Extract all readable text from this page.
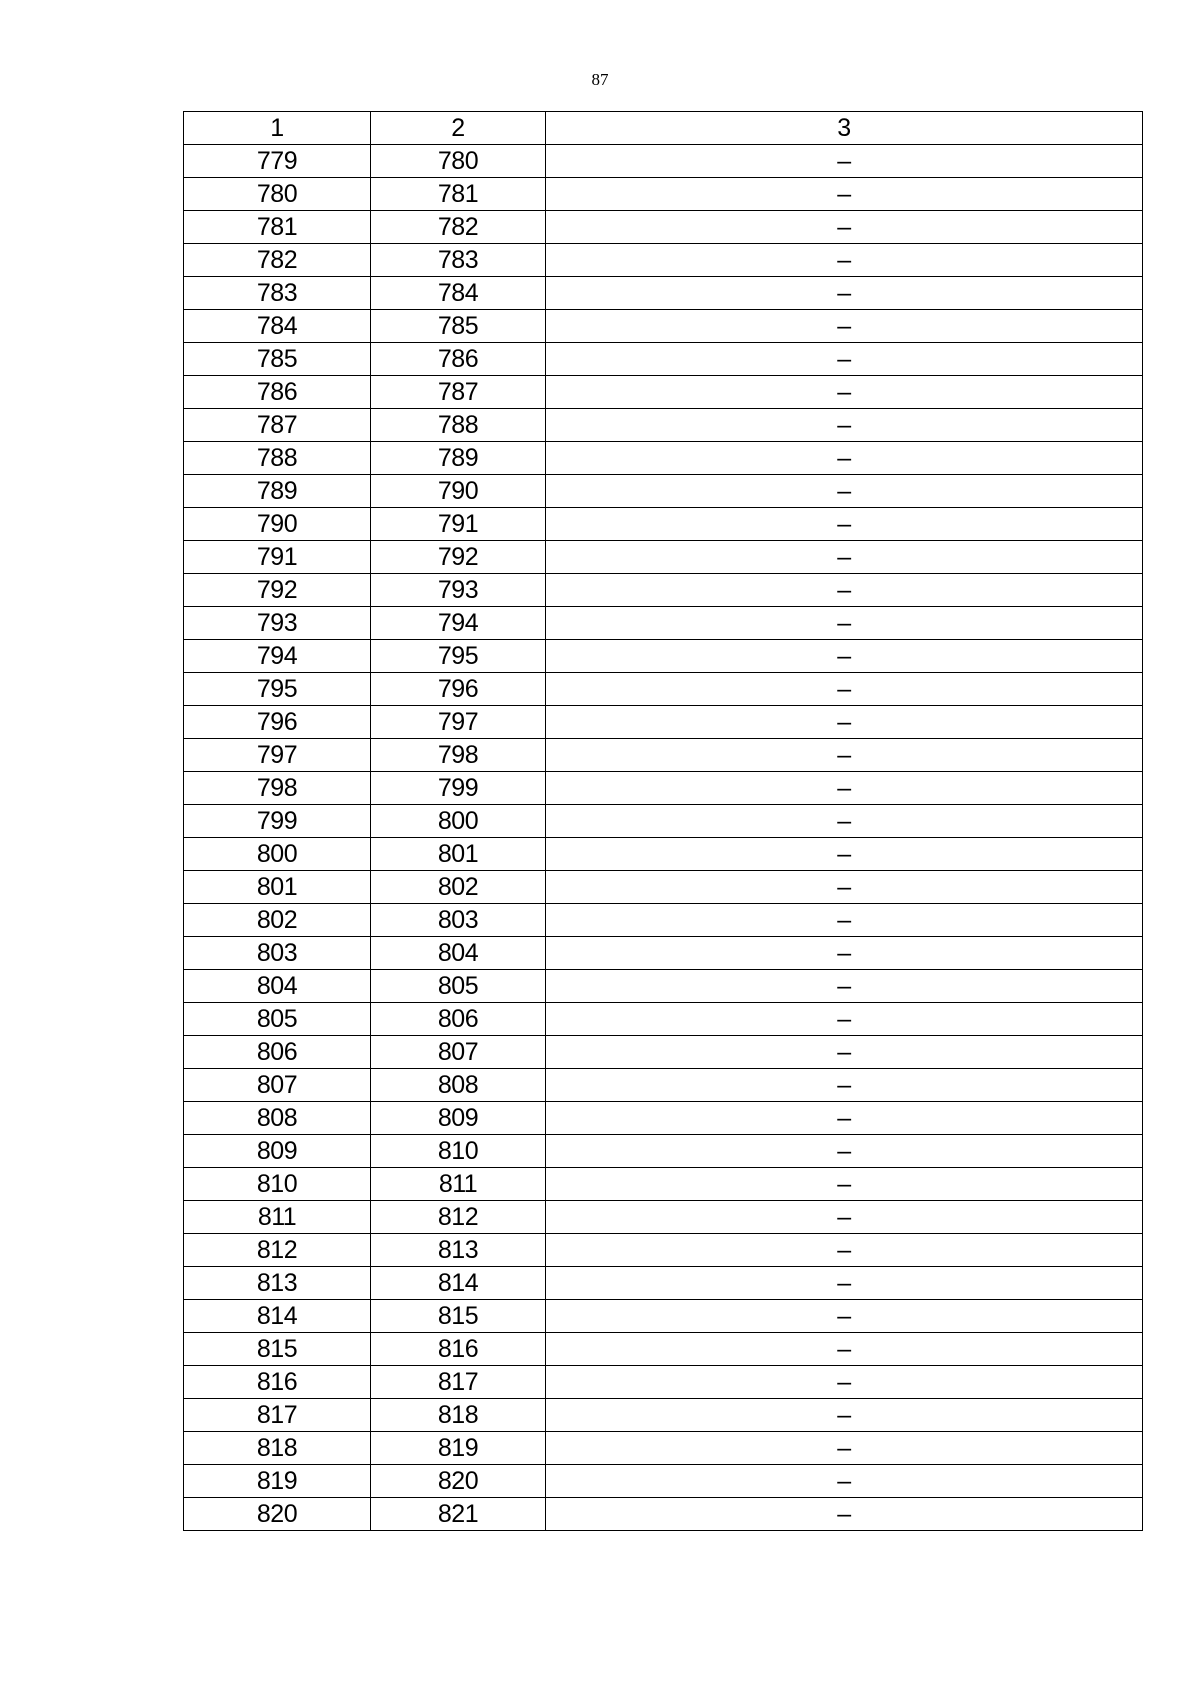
87
1	2	3
779	780	–
780	781	–
781	782	–
782	783	–
783	784	–
784	785	–
785	786	–
786	787	–
787	788	–
788	789	–
789	790	–
790	791	–
791	792	–
792	793	–
793	794	–
794	795	–
795	796	–
796	797	–
797	798	–
798	799	–
799	800	–
800	801	–
801	802	–
802	803	–
803	804	–
804	805	–
805	806	–
806	807	–
807	808	–
808	809	–
809	810	–
810	811	–
811	812	–
812	813	–
813	814	–
814	815	–
815	816	–
816	817	–
817	818	–
818	819	–
819	820	–
820	821	–
